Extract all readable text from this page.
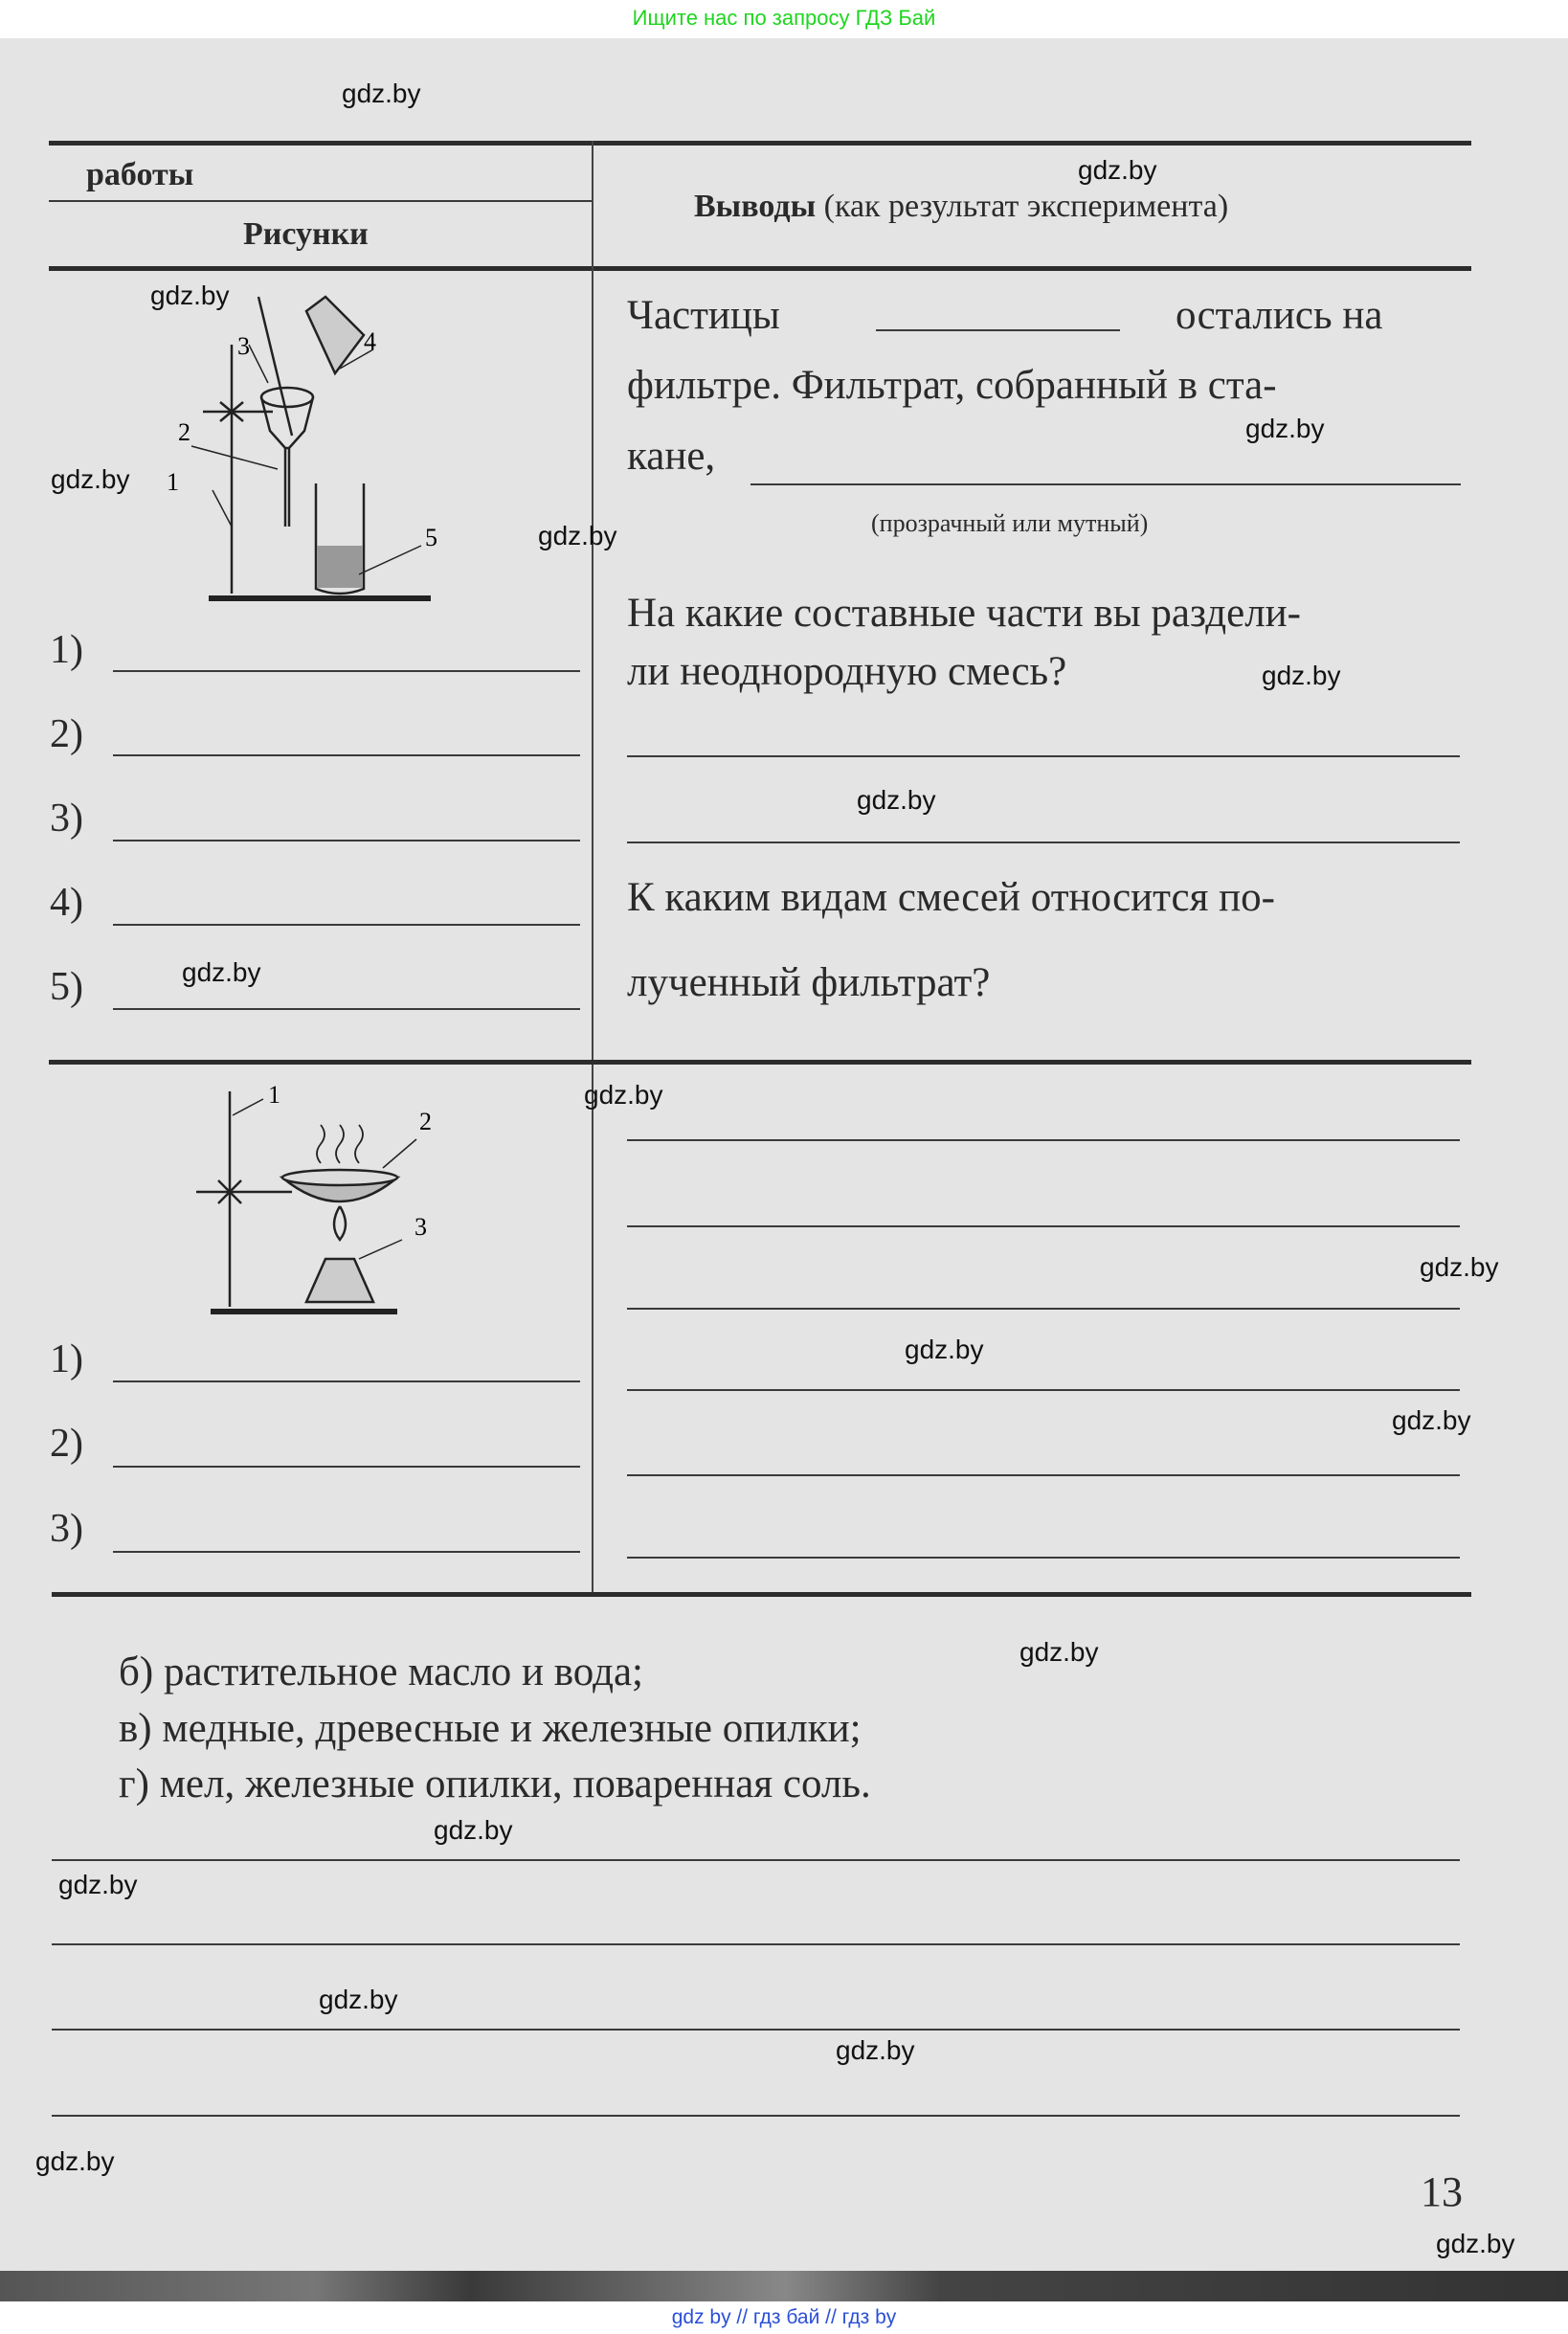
Ищите нас по запросу ГДЗ Бай
работы
Рисунки
Выводы (как результат эксперимента)
3	4
2
1
5
1)
2)
3)
4)
5)
Частицы	остались на
фильтре. Фильтрат, собранный в ста-
кане,
(прозрачный или мутный)
На какие составные части вы раздели-
ли неоднородную смесь?
К каким видам смесей относится по-
лученный фильтрат?
1
2
3
1)
2)
3)
б) растительное масло и вода;
в) медные, древесные и железные опилки;
г) мел, железные опилки, поваренная соль.
13
gdz by // гдз бай // гдз by
gdz.by
gdz.by
gdz.by
gdz.by
gdz.by
gdz.by
gdz.by
gdz.by
gdz.by
gdz.by
gdz.by
gdz.by
gdz.by
gdz.by
gdz.by
gdz.by
gdz.by
gdz.by
gdz.by
gdz.by
